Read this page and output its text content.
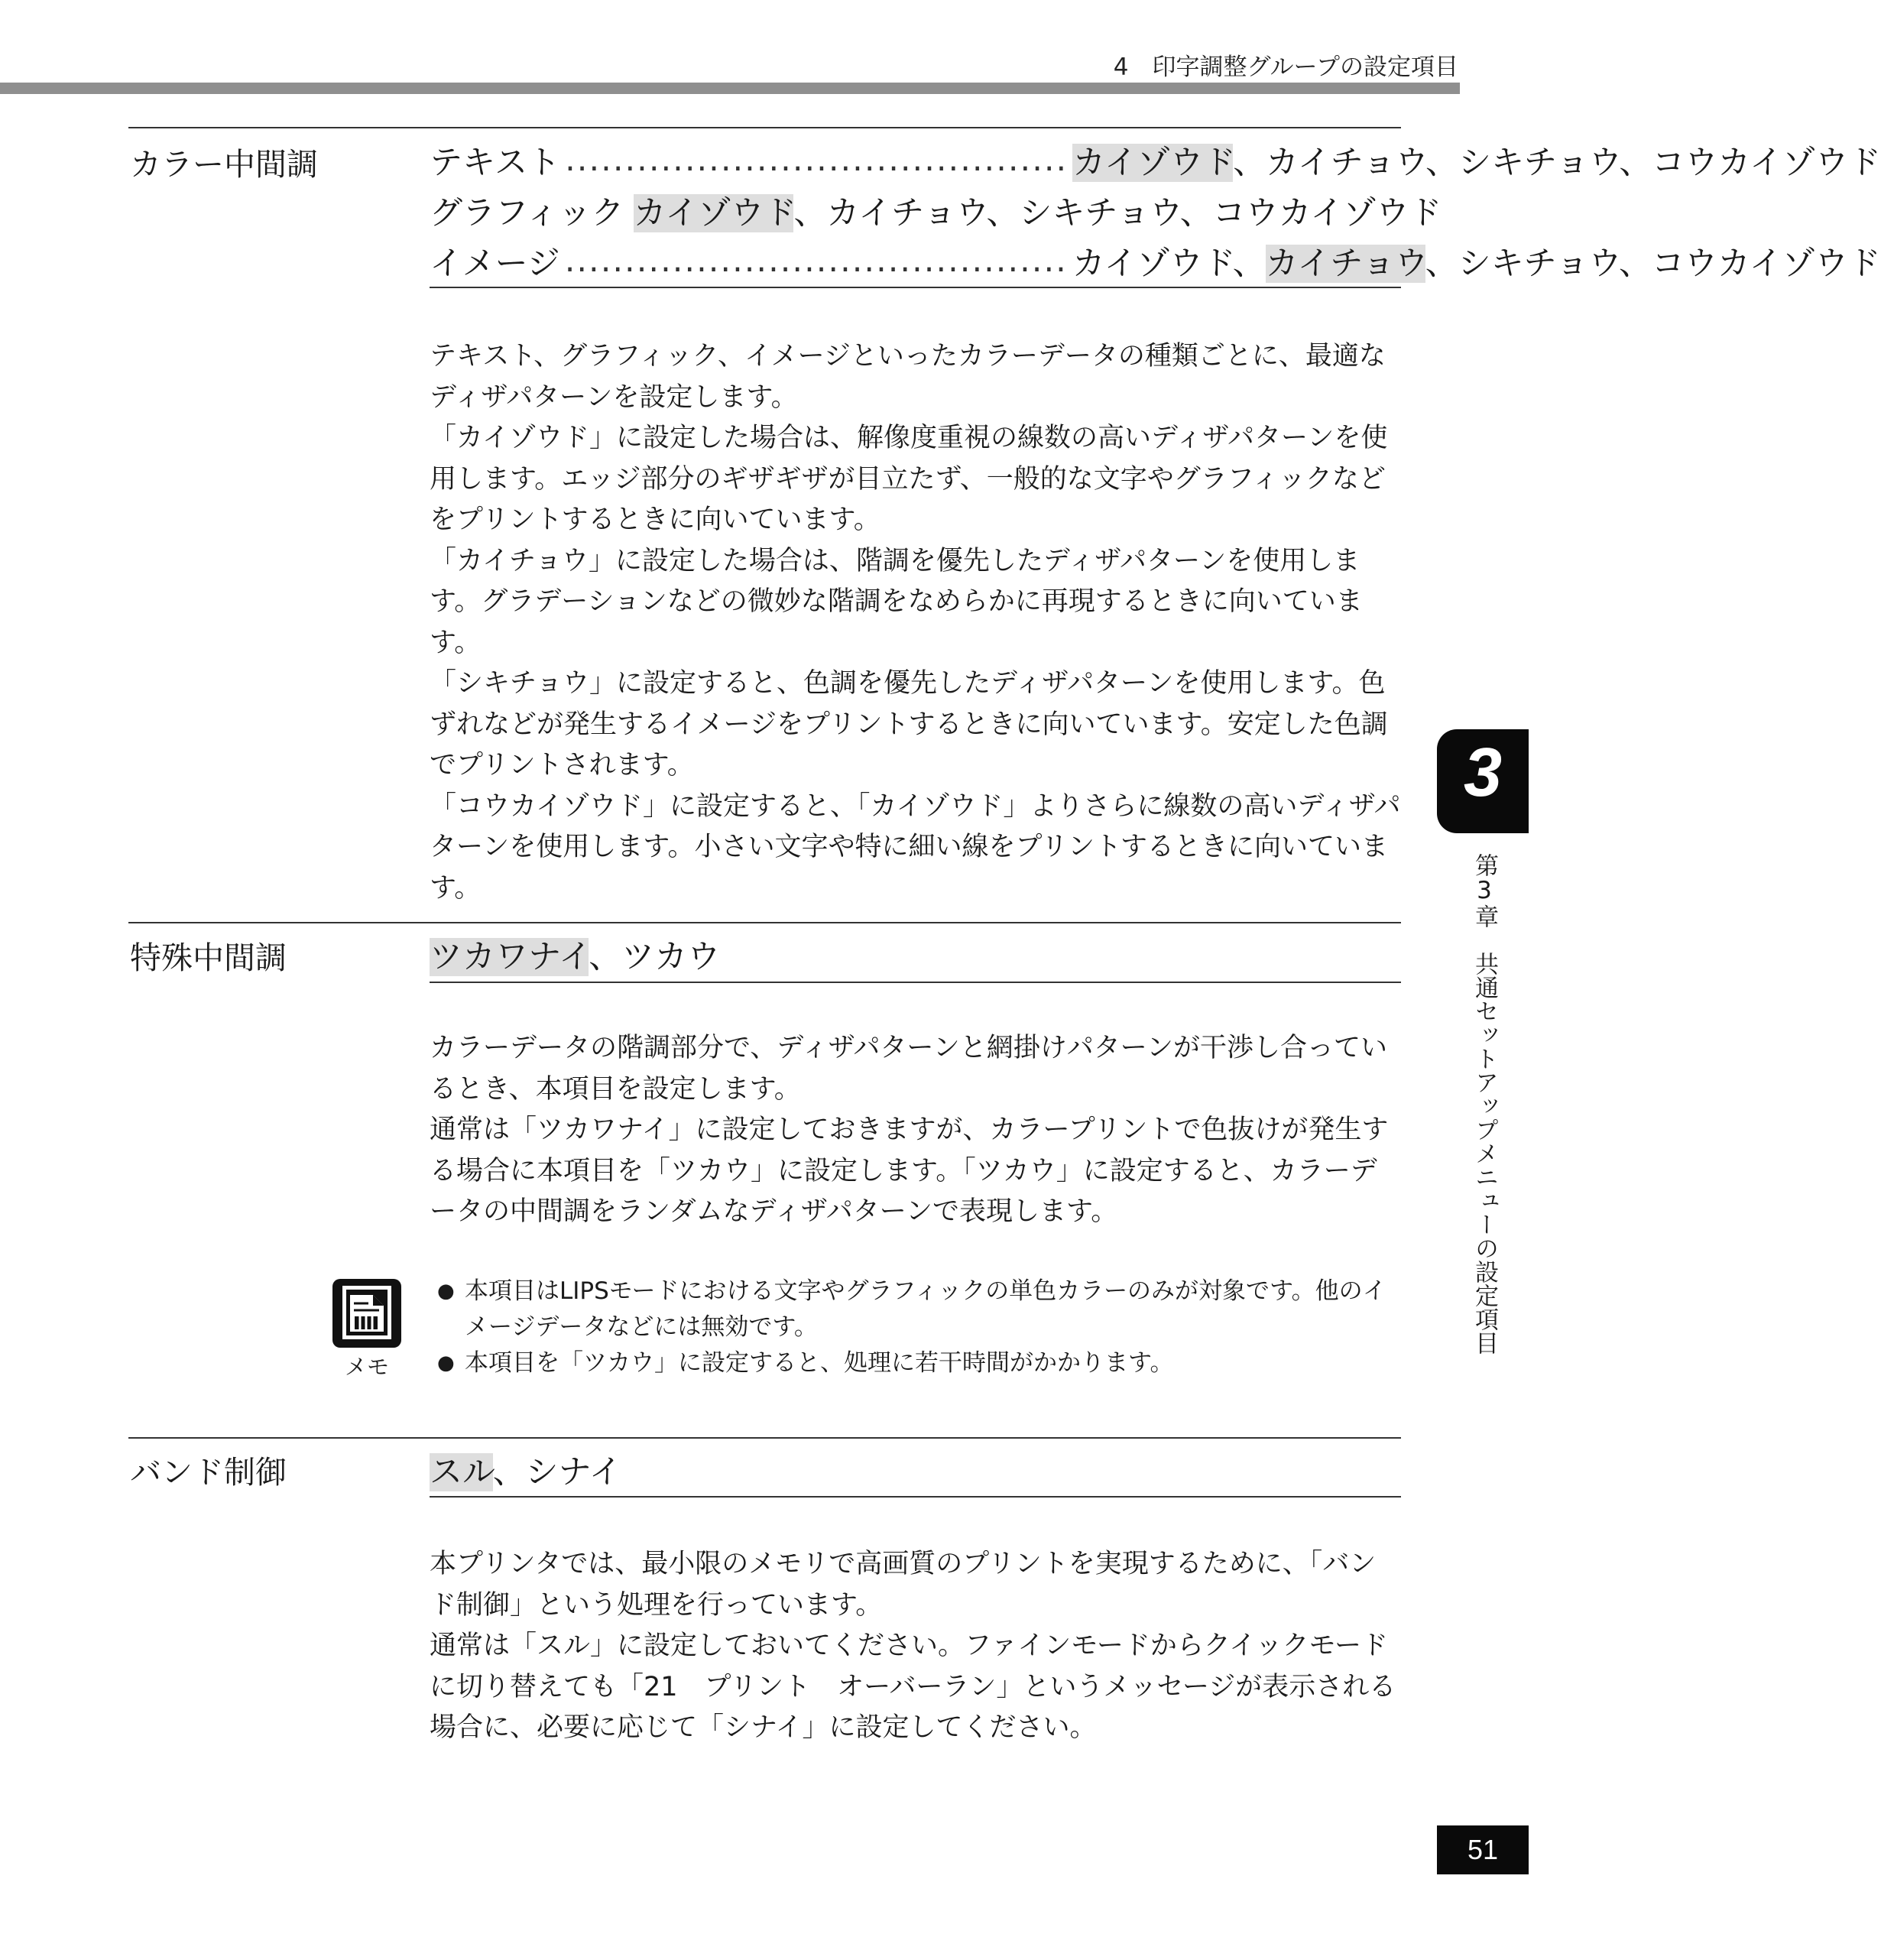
4　印字調整グループの設定項目
カラー中間調	テキスト .......................................... カイゾウド、カイチョウ、シキチョウ、コウカイゾウド
グラフィック カイゾウド、カイチョウ、シキチョウ、コウカイゾウド
イメージ .......................................... カイゾウド、カイチョウ、シキチョウ、コウカイゾウド

テキスト、グラフィック、イメージといったカラーデータの種類ごとに、最適なディザパターンを設定します。

「カイゾウド」に設定した場合は、解像度重視の線数の高いディザパターンを使用します。エッジ部分のギザギザが目立たず、一般的な文字やグラフィックなどをプリントするときに向いています。

「カイチョウ」に設定した場合は、階調を優先したディザパターンを使用します。グラデーションなどの微妙な階調をなめらかに再現するときに向いています。

「シキチョウ」に設定すると、色調を優先したディザパターンを使用します。色ずれなどが発生するイメージをプリントするときに向いています。安定した色調でプリントされます。

「コウカイゾウド」に設定すると、「カイゾウド」よりさらに線数の高いディザパターンを使用します。小さい文字や特に細い線をプリントするときに向いています。

特殊中間調	ツカワナイ、ツカウ

カラーデータの階調部分で、ディザパターンと網掛けパターンが干渉し合っているとき、本項目を設定します。

通常は「ツカワナイ」に設定しておきますが、カラープリントで色抜けが発生する場合に本項目を「ツカウ」に設定します。「ツカウ」に設定すると、カラーデータの中間調をランダムなディザパターンで表現します。

メモ
● 本項目はLIPSモードにおける文字やグラフィックの単色カラーのみが対象です。他のイメージデータなどには無効です。
● 本項目を「ツカウ」に設定すると、処理に若干時間がかかります。
バンド制御	スル、シナイ

本プリンタでは、最小限のメモリで高画質のプリントを実現するために、「バンド制御」という処理を行っています。

通常は「スル」に設定しておいてください。ファインモードからクイックモードに切り替えても「21　プリント　オーバーラン」というメッセージが表示される場合に、必要に応じて「シナイ」に設定してください。

3
第3章　共通セットアップメニューの設定項目
51
